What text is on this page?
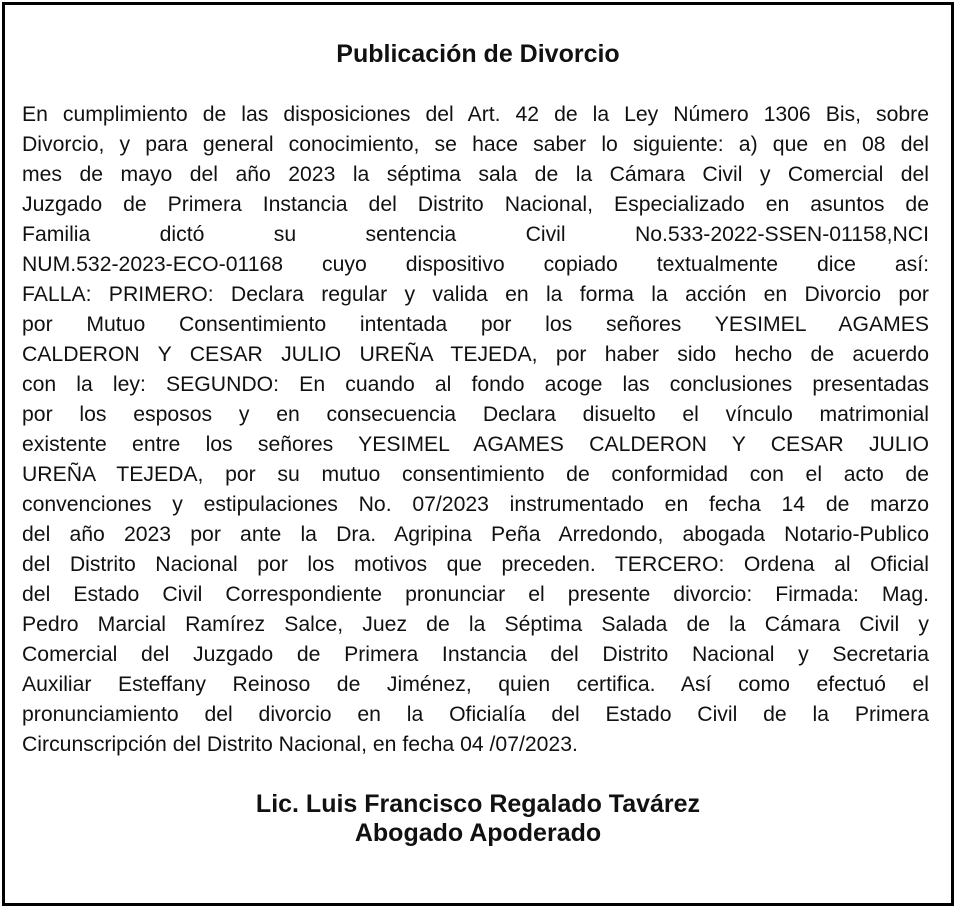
Publicación de Divorcio
En cumplimiento de las disposiciones del Art. 42 de la Ley Número 1306 Bis, sobre
Divorcio, y para general conocimiento, se hace saber lo siguiente: a) que en 08 del
mes de mayo del año 2023 la séptima sala de la Cámara Civil y Comercial del
Juzgado de Primera Instancia del Distrito Nacional, Especializado en asuntos de
Familia dictó su sentencia Civil No.533-2022-SSEN-01158,NCI
NUM.532-2023-ECO-01168 cuyo dispositivo copiado textualmente dice así:
FALLA: PRIMERO: Declara regular y valida en la forma la acción en Divorcio por
por Mutuo Consentimiento intentada por los señores YESIMEL AGAMES
CALDERON Y CESAR JULIO UREÑA TEJEDA, por haber sido hecho de acuerdo
con la ley: SEGUNDO: En cuando al fondo acoge las conclusiones presentadas
por los esposos y en consecuencia Declara disuelto el vínculo matrimonial
existente entre los señores YESIMEL AGAMES CALDERON Y CESAR JULIO
UREÑA TEJEDA, por su mutuo consentimiento de conformidad con el acto de
convenciones y estipulaciones No. 07/2023 instrumentado en fecha 14 de marzo
del año 2023 por ante la Dra. Agripina Peña Arredondo, abogada Notario-Publico
del Distrito Nacional por los motivos que preceden. TERCERO: Ordena al Oficial
del Estado Civil Correspondiente pronunciar el presente divorcio: Firmada: Mag.
Pedro Marcial Ramírez Salce, Juez de la Séptima Salada de la Cámara Civil y
Comercial del Juzgado de Primera Instancia del Distrito Nacional y Secretaria
Auxiliar Esteffany Reinoso de Jiménez, quien certifica. Así como efectuó el
pronunciamiento del divorcio en la Oficialía del Estado Civil de la Primera
Circunscripción del Distrito Nacional, en fecha 04 /07/2023.
Lic. Luis Francisco Regalado Tavárez
Abogado Apoderado
